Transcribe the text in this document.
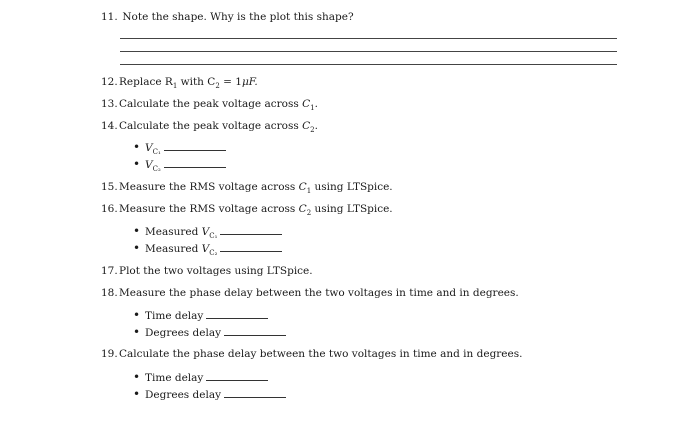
11. Note the shape. Why is the plot this shape?
12.Replace $R_1$ with $C_2 = 1\mu F$.
13.Calculate the peak voltage across $C_1$.
14.Calculate the peak voltage across $C_2$.
• $V_{C_1}$
• $V_{C_2}$
15.Measure the RMS voltage across $C_1$ using LTSpice.
16.Measure the RMS voltage across $C_2$ using LTSpice.
• Measured $V_{C_1}$
• Measured $V_{C_2}$
17.Plot the two voltages using LTSpice.
18.Measure the phase delay between the two voltages in time and in degrees.
• Time delay
• Degrees delay
19.Calculate the phase delay between the two voltages in time and in degrees.
• Time delay
• Degrees delay
